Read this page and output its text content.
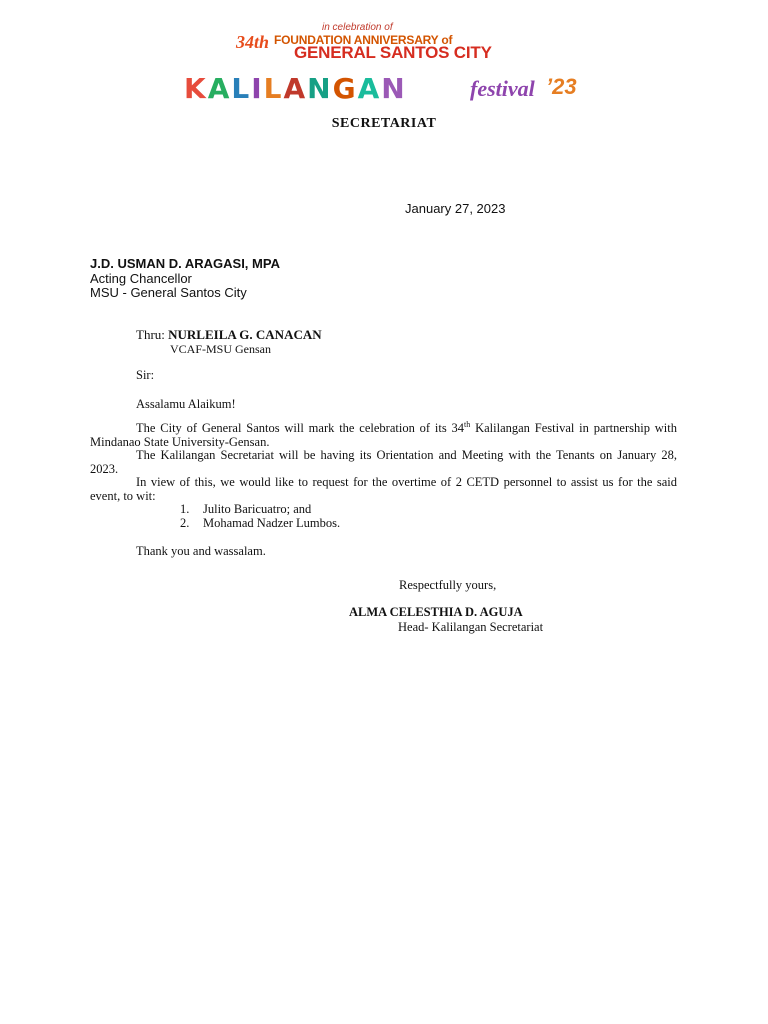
in celebration of
34th FOUNDATION ANNIVERSARY of
GENERAL SANTOS CITY
KALILANGAN	festival ’23
SECRETARIAT
January 27, 2023
J.D. USMAN D. ARAGASI, MPA
Acting Chancellor
MSU - General Santos City
Thru: NURLEILA G. CANACAN
VCAF-MSU Gensan
Sir:
Assalamu Alaikum!

The City of General Santos will mark the celebration of its 34th Kalilangan Festival in partnership with Mindanao State University-Gensan.

The Kalilangan Secretariat will be having its Orientation and Meeting with the Tenants on January 28, 2023.

In view of this, we would like to request for the overtime of 2 CETD personnel to assist us for the said event, to wit:

1. Julito Baricuatro; and
2. Mohamad Nadzer Lumbos.
Thank you and wassalam.
Respectfully yours,
ALMA CELESTHIA D. AGUJA
Head- Kalilangan Secretariat
